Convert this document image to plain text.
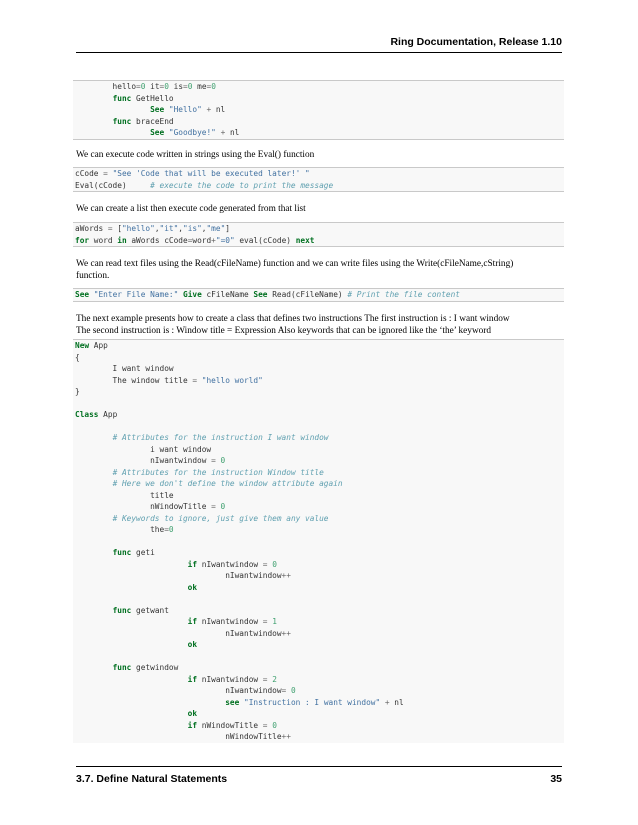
Ring Documentation, Release 1.10
hello=0 it=0 is=0 me=0
func GetHello
See "Hello" + nl
func braceEnd
See "Goodbye!" + nl
We can execute code written in strings using the Eval() function
cCode = "See 'Code that will be executed later!' "
Eval(cCode)     # execute the code to print the message
We can create a list then execute code generated from that list
aWords = ["hello","it","is","me"]
for word in aWords cCode=word+"=0" eval(cCode) next
We can read text files using the Read(cFileName) function and we can write files using the Write(cFileName,cString)
function.
See "Enter File Name:" Give cFileName See Read(cFileName) # Print the file content
The next example presents how to create a class that defines two instructions The first instruction is : I want window
The second instruction is : Window title = Expression Also keywords that can be ignored like the ‘the’ keyword
New App
{
I want window
The window title = "hello world"
}
Class App
# Attributes for the instruction I want window
i want window
nIwantwindow = 0
# Attributes for the instruction Window title
# Here we don't define the window attribute again
title
nWindowTitle = 0
# Keywords to ignore, just give them any value
the=0
func geti
if nIwantwindow = 0
nIwantwindow++
ok
func getwant
if nIwantwindow = 1
nIwantwindow++
ok
func getwindow
if nIwantwindow = 2
nIwantwindow= 0
see "Instruction : I want window" + nl
ok
if nWindowTitle = 0
nWindowTitle++
3.7. Define Natural Statements	35
